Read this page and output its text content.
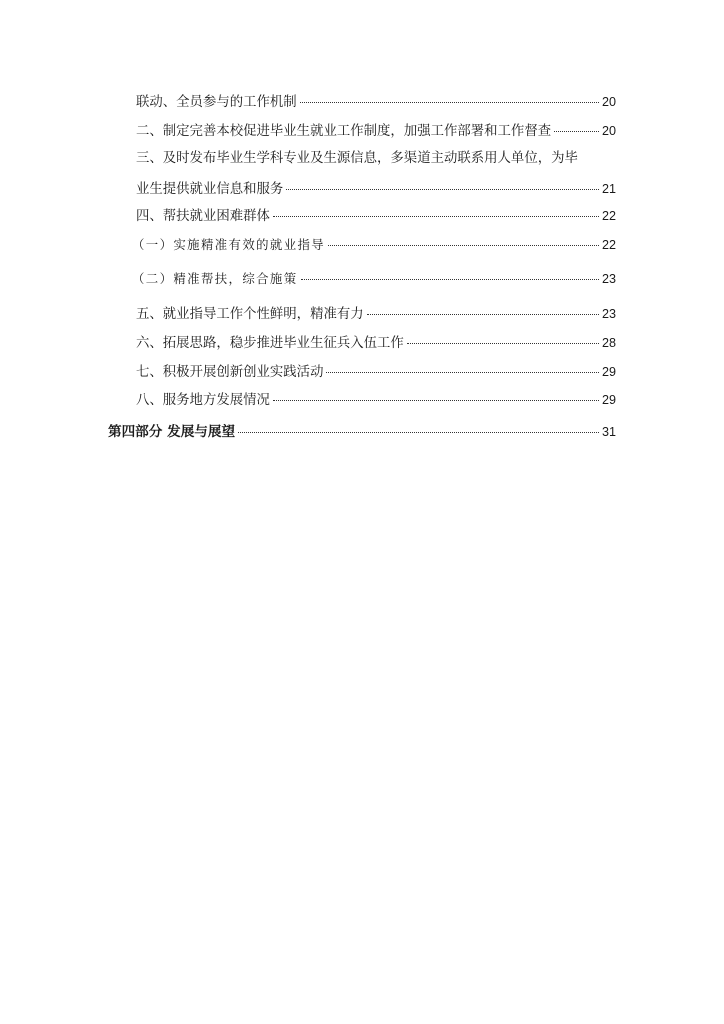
联动、全员参与的工作机制	20
二、制定完善本校促进毕业生就业工作制度，加强工作部署和工作督查	20
三、及时发布毕业生学科专业及生源信息，多渠道主动联系用人单位，为毕
业生提供就业信息和服务	21
四、帮扶就业困难群体	22
（一）实施精准有效的就业指导	22
（二）精准帮扶，综合施策	23
五、就业指导工作个性鲜明，精准有力	23
六、拓展思路，稳步推进毕业生征兵入伍工作	28
七、积极开展创新创业实践活动	29
八、服务地方发展情况	29
第四部分 发展与展望	31
